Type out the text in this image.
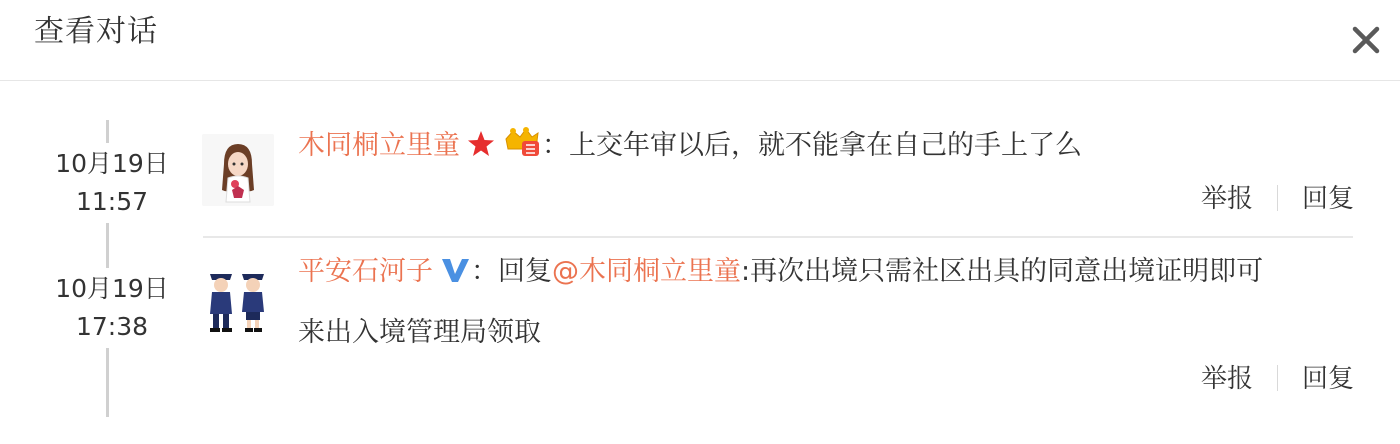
查看对话
10月19日
11:57
木同桐立里童	：上交年审以后，就不能拿在自己的手上了么
举报 回复
10月19日
17:38
平安石河子 ：回复@木同桐立里童:再次出境只需社区出具的同意出境证明即可
来出入境管理局领取
举报 回复
